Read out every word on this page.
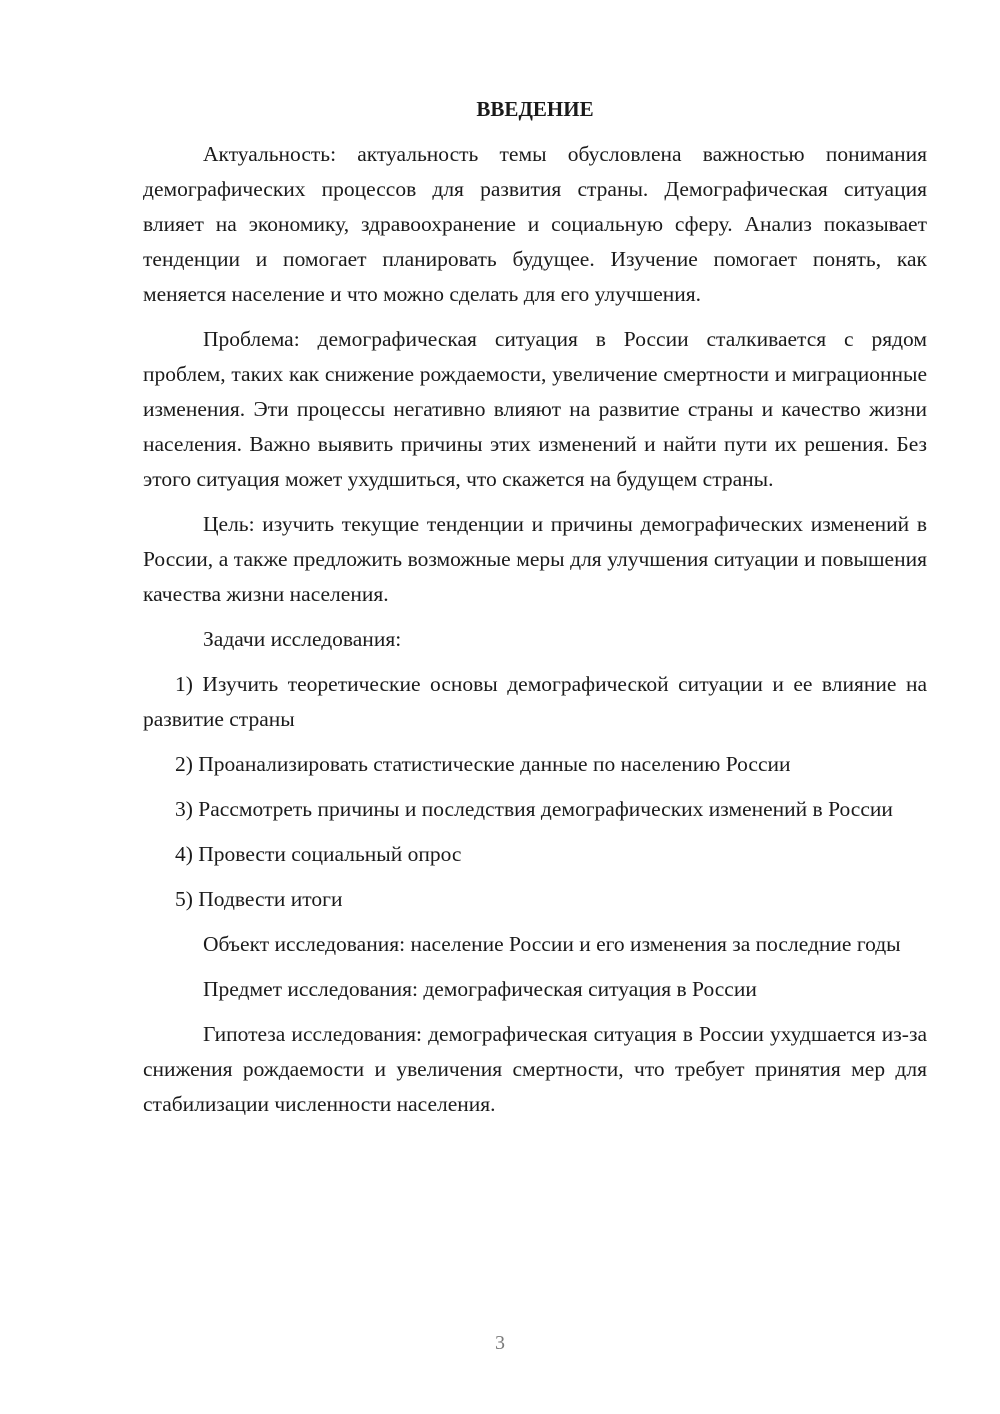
ВВЕДЕНИЕ

Актуальность: актуальность темы обусловлена важностью понимания демографических процессов для развития страны. Демографическая ситуация влияет на экономику, здравоохранение и социальную сферу. Анализ показывает тенденции и помогает планировать будущее. Изучение помогает понять, как меняется население и что можно сделать для его улучшения.

Проблема: демографическая ситуация в России сталкивается с рядом проблем, таких как снижение рождаемости, увеличение смертности и миграционные изменения. Эти процессы негативно влияют на развитие страны и качество жизни населения. Важно выявить причины этих изменений и найти пути их решения. Без этого ситуация может ухудшиться, что скажется на будущем страны.

Цель: изучить текущие тенденции и причины демографических изменений в России, а также предложить возможные меры для улучшения ситуации и повышения качества жизни населения.

Задачи исследования:

1) Изучить теоретические основы демографической ситуации и ее влияние на развитие страны

2) Проанализировать статистические данные по населению России

3) Рассмотреть причины и последствия демографических изменений в России

4) Провести социальный опрос

5) Подвести итоги

Объект исследования: население России и его изменения за последние годы

Предмет исследования: демографическая ситуация в России

Гипотеза исследования: демографическая ситуация в России ухудшается из-за снижения рождаемости и увеличения смертности, что требует принятия мер для стабилизации численности населения.

3
